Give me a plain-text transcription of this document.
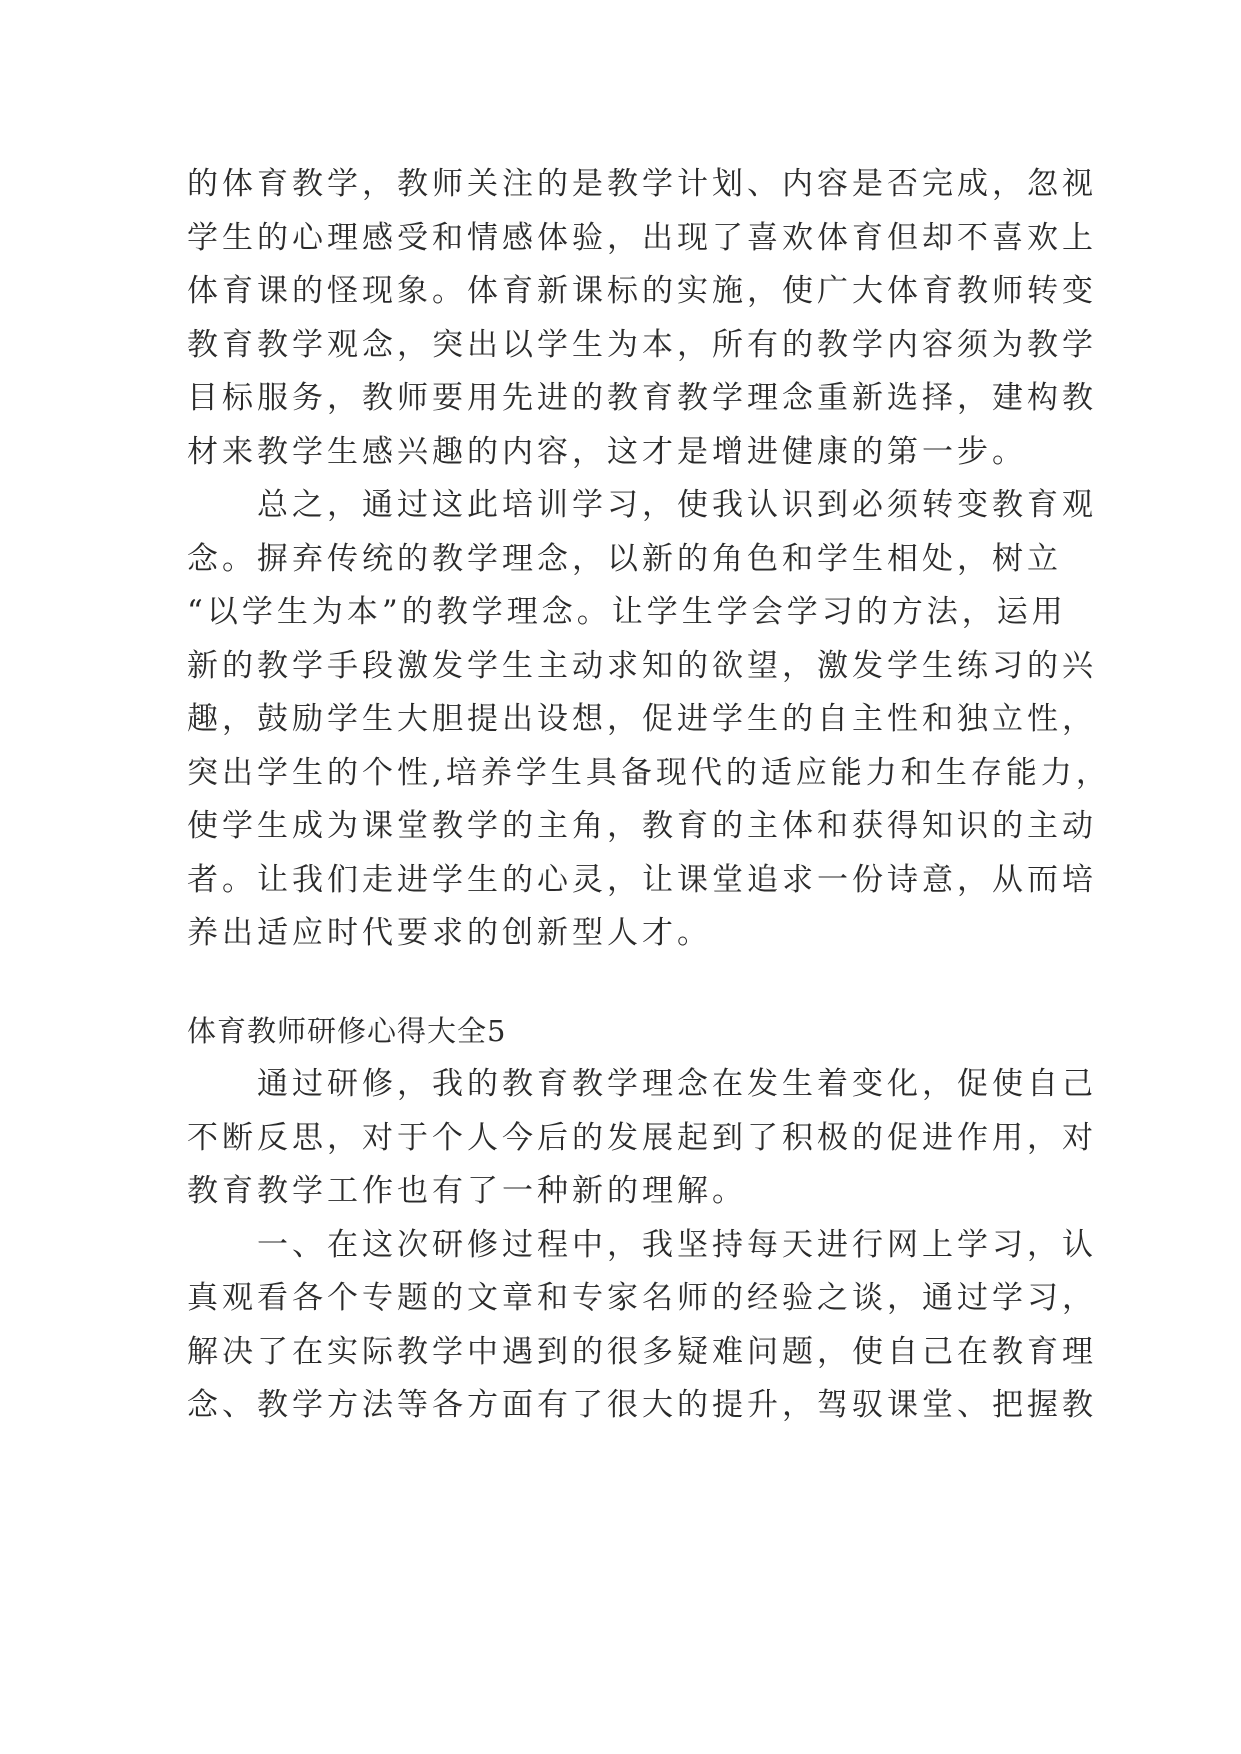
的体育教学，教师关注的是教学计划、内容是否完成，忽视
学生的心理感受和情感体验，出现了喜欢体育但却不喜欢上
体育课的怪现象。体育新课标的实施，使广大体育教师转变
教育教学观念，突出以学生为本，所有的教学内容须为教学
目标服务，教师要用先进的教育教学理念重新选择，建构教
材来教学生感兴趣的内容，这才是增进健康的第一步。
　　总之，通过这此培训学习，使我认识到必须转变教育观
念。摒弃传统的教学理念，以新的角色和学生相处，树立
“以学生为本”的教学理念。让学生学会学习的方法，运用
新的教学手段激发学生主动求知的欲望，激发学生练习的兴
趣，鼓励学生大胆提出设想，促进学生的自主性和独立性，
突出学生的个性,培养学生具备现代的适应能力和生存能力，
使学生成为课堂教学的主角，教育的主体和获得知识的主动
者。让我们走进学生的心灵，让课堂追求一份诗意，从而培
养出适应时代要求的创新型人才。
体育教师研修心得大全5
　　通过研修，我的教育教学理念在发生着变化，促使自己
不断反思，对于个人今后的发展起到了积极的促进作用，对
教育教学工作也有了一种新的理解。
　　一、在这次研修过程中，我坚持每天进行网上学习，认
真观看各个专题的文章和专家名师的经验之谈，通过学习，
解决了在实际教学中遇到的很多疑难问题，使自己在教育理
念、教学方法等各方面有了很大的提升，驾驭课堂、把握教
